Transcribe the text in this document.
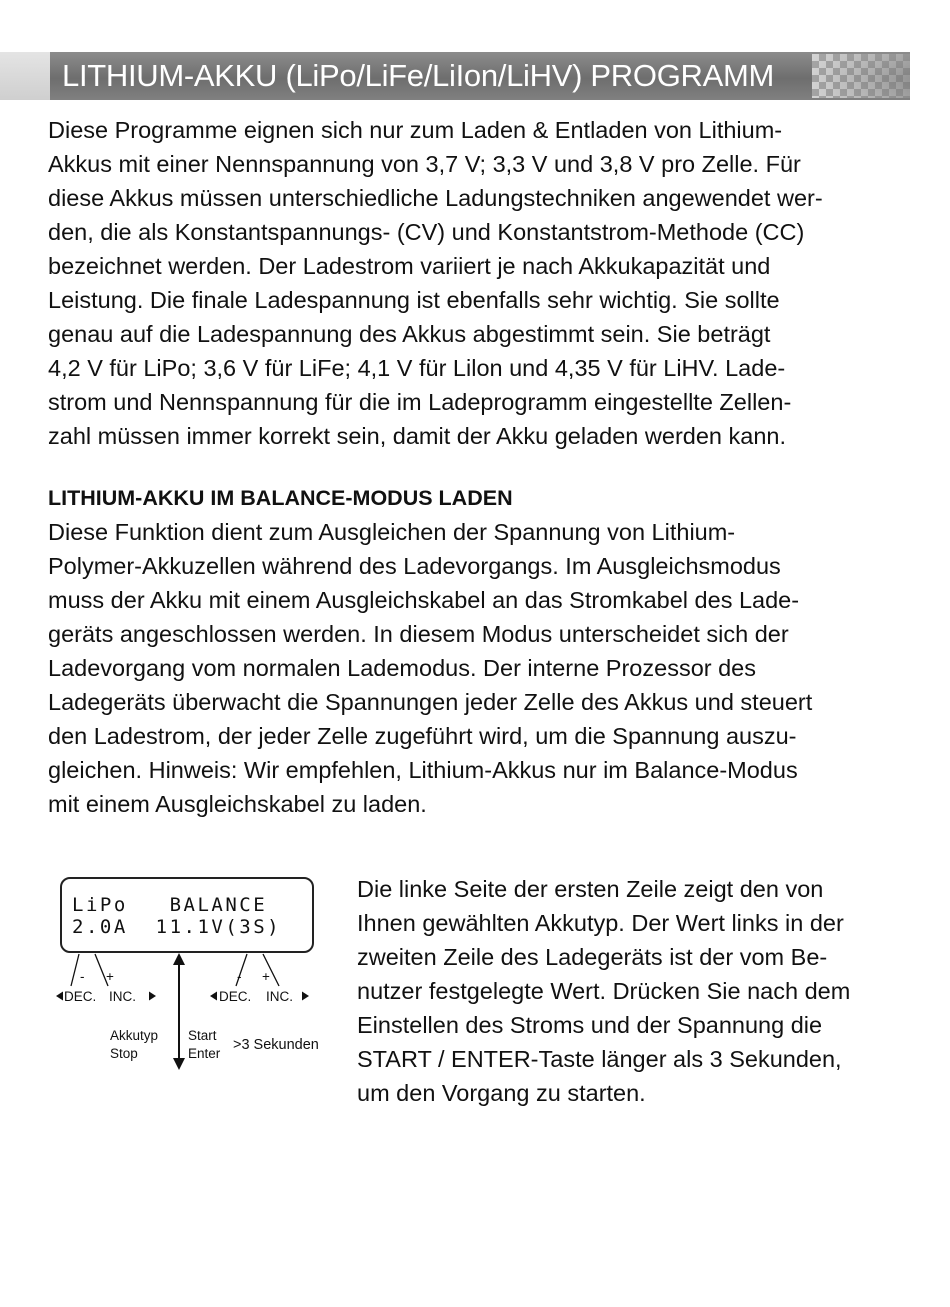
LITHIUM-AKKU (LiPo/LiFe/LiIon/LiHV) PROGRAMM

Diese Programme eignen sich nur zum Laden & Entladen von Lithium-
Akkus mit einer Nennspannung von 3,7 V; 3,3 V und 3,8 V pro Zelle. Für
diese Akkus müssen unterschiedliche Ladungstechniken angewendet wer-
den, die als Konstantspannungs- (CV) und Konstantstrom-Methode (CC)
bezeichnet werden. Der Ladestrom variiert je nach Akkukapazität und
Leistung. Die finale Ladespannung ist ebenfalls sehr wichtig. Sie sollte
genau auf die Ladespannung des Akkus abgestimmt sein. Sie beträgt
4,2 V für LiPo; 3,6 V für LiFe; 4,1 V für Lilon und 4,35 V für LiHV. Lade-
strom und Nennspannung für die im Ladeprogramm eingestellte Zellen-
zahl müssen immer korrekt sein, damit der Akku geladen werden kann.

LITHIUM-AKKU IM BALANCE-MODUS LADEN

Diese Funktion dient zum Ausgleichen der Spannung von Lithium-
Polymer-Akkuzellen während des Ladevorgangs. Im Ausgleichsmodus
muss der Akku mit einem Ausgleichskabel an das Stromkabel des Lade-
geräts angeschlossen werden. In diesem Modus unterscheidet sich der
Ladevorgang vom normalen Lademodus. Der interne Prozessor des
Ladegeräts überwacht die Spannungen jeder Zelle des Akkus und steuert
den Ladestrom, der jeder Zelle zugeführt wird, um die Spannung auszu-
gleichen. Hinweis: Wir empfehlen, Lithium-Akkus nur im Balance-Modus
mit einem Ausgleichskabel zu laden.

LiPo   BALANCE
2.0A  11.1V(3S)
- +
DEC. INC.
- +
DEC. INC.
Akkutyp
Stop
Start
Enter
>3 Sekunden

Die linke Seite der ersten Zeile zeigt den von
Ihnen gewählten Akkutyp. Der Wert links in der
zweiten Zeile des Ladegeräts ist der vom Be-
nutzer festgelegte Wert. Drücken Sie nach dem
Einstellen des Stroms und der Spannung die
START / ENTER-Taste länger als 3 Sekunden,
um den Vorgang zu starten.
